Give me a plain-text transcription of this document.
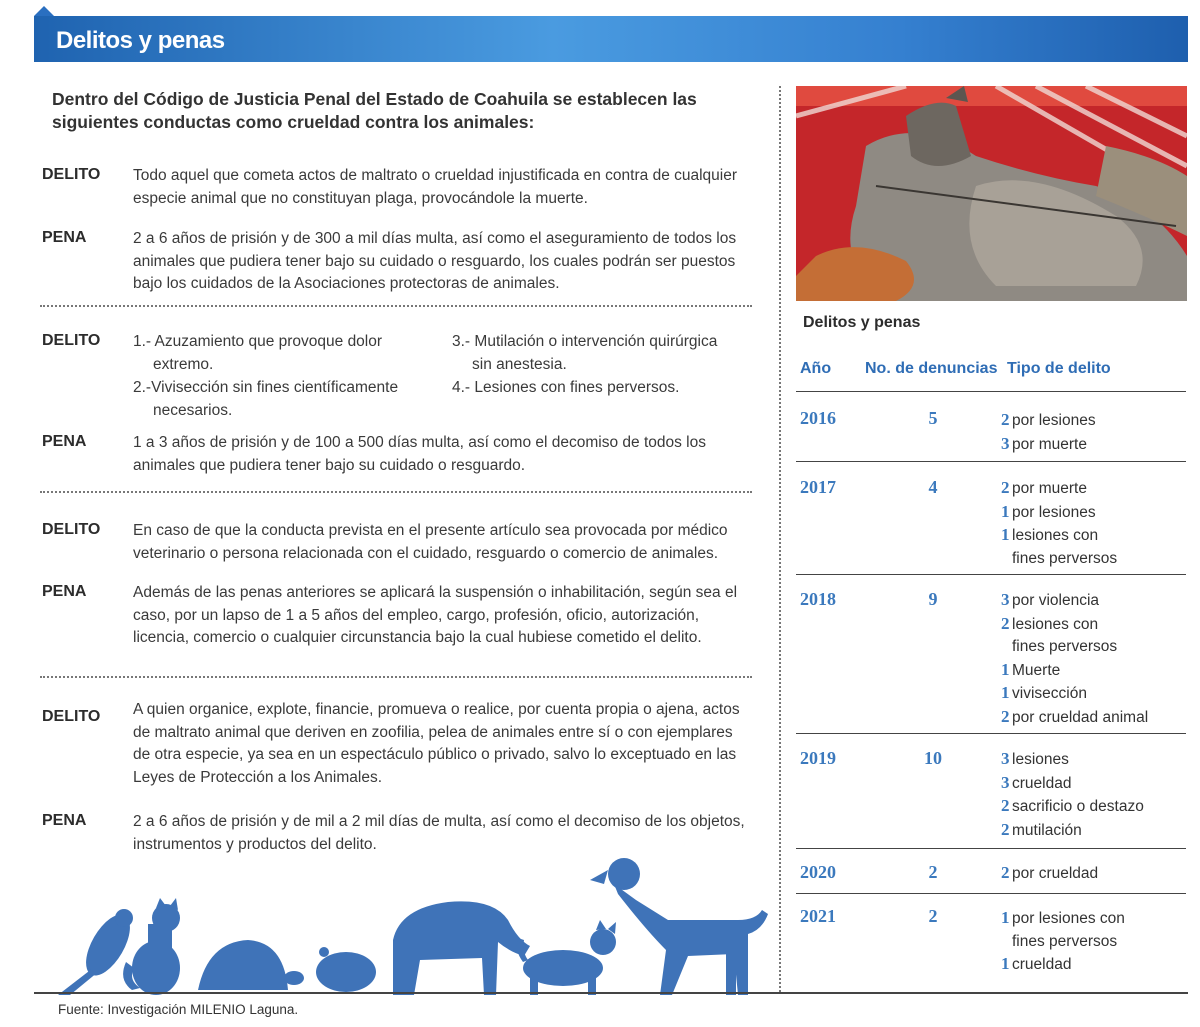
Delitos y penas
Dentro del Código de Justicia Penal del Estado de Coahuila se establecen las siguientes conductas como crueldad contra los animales:
DELITO Todo aquel que cometa actos de maltrato o crueldad injustificada en contra de cualquier especie animal que no constituyan plaga, provocándole la muerte.
PENA	2 a 6 años de prisión y de 300 a mil días multa, así como el aseguramiento de todos los animales que pudiera tener bajo su cuidado o resguardo, los cuales podrán ser puestos bajo los cuidados de la Asociaciones protectoras de animales.
DELITO 1.- Azuzamiento que provoque dolor
extremo.
2.-Vivisección sin fines científicamente
necesarios.
3.- Mutilación o intervención quirúrgica
sin anestesia.
4.- Lesiones con fines perversos.
PENA	1 a 3 años de prisión y de 100 a 500 días multa, así como el decomiso de todos los animales que pudiera tener bajo su cuidado o resguardo.
DELITO En caso de que la conducta prevista en el presente artículo sea provocada por médico veterinario o persona relacionada con el cuidado, resguardo o comercio de animales.
PENA	Además de las penas anteriores se aplicará la suspensión o inhabilitación, según sea el caso, por un lapso de 1 a 5 años del empleo, cargo, profesión, oficio, autorización, licencia, comercio o cualquier circunstancia bajo la cual hubiese cometido el delito.
DELITO A quien organice, explote, financie, promueva o realice, por cuenta propia o ajena, actos de maltrato animal que deriven en zoofilia, pelea de animales entre sí o con ejemplares de otra especie, ya sea en un espectáculo público o privado, salvo lo exceptuado en las Leyes de Protección a los Animales.
PENA	2 a 6 años de prisión y de mil a 2 mil días de multa, así como el decomiso de los objetos, instrumentos y productos del delito.
Delitos y penas
Año No. de denuncias Tipo de delito
2016	5	2 por lesiones
3 por muerte
2017	4	2 por muerte
1 por lesiones
1 lesiones con
fines perversos
2018	9	3 por violencia
2 lesiones con
fines perversos
1 Muerte
1 vivisección
2 por crueldad animal
2019	10	3 lesiones
3 crueldad
2 sacrificio o destazo
2 mutilación
2020	2	2 por crueldad
2021	2	1 por lesiones con
fines perversos
1 crueldad
Fuente: Investigación MILENIO Laguna.
